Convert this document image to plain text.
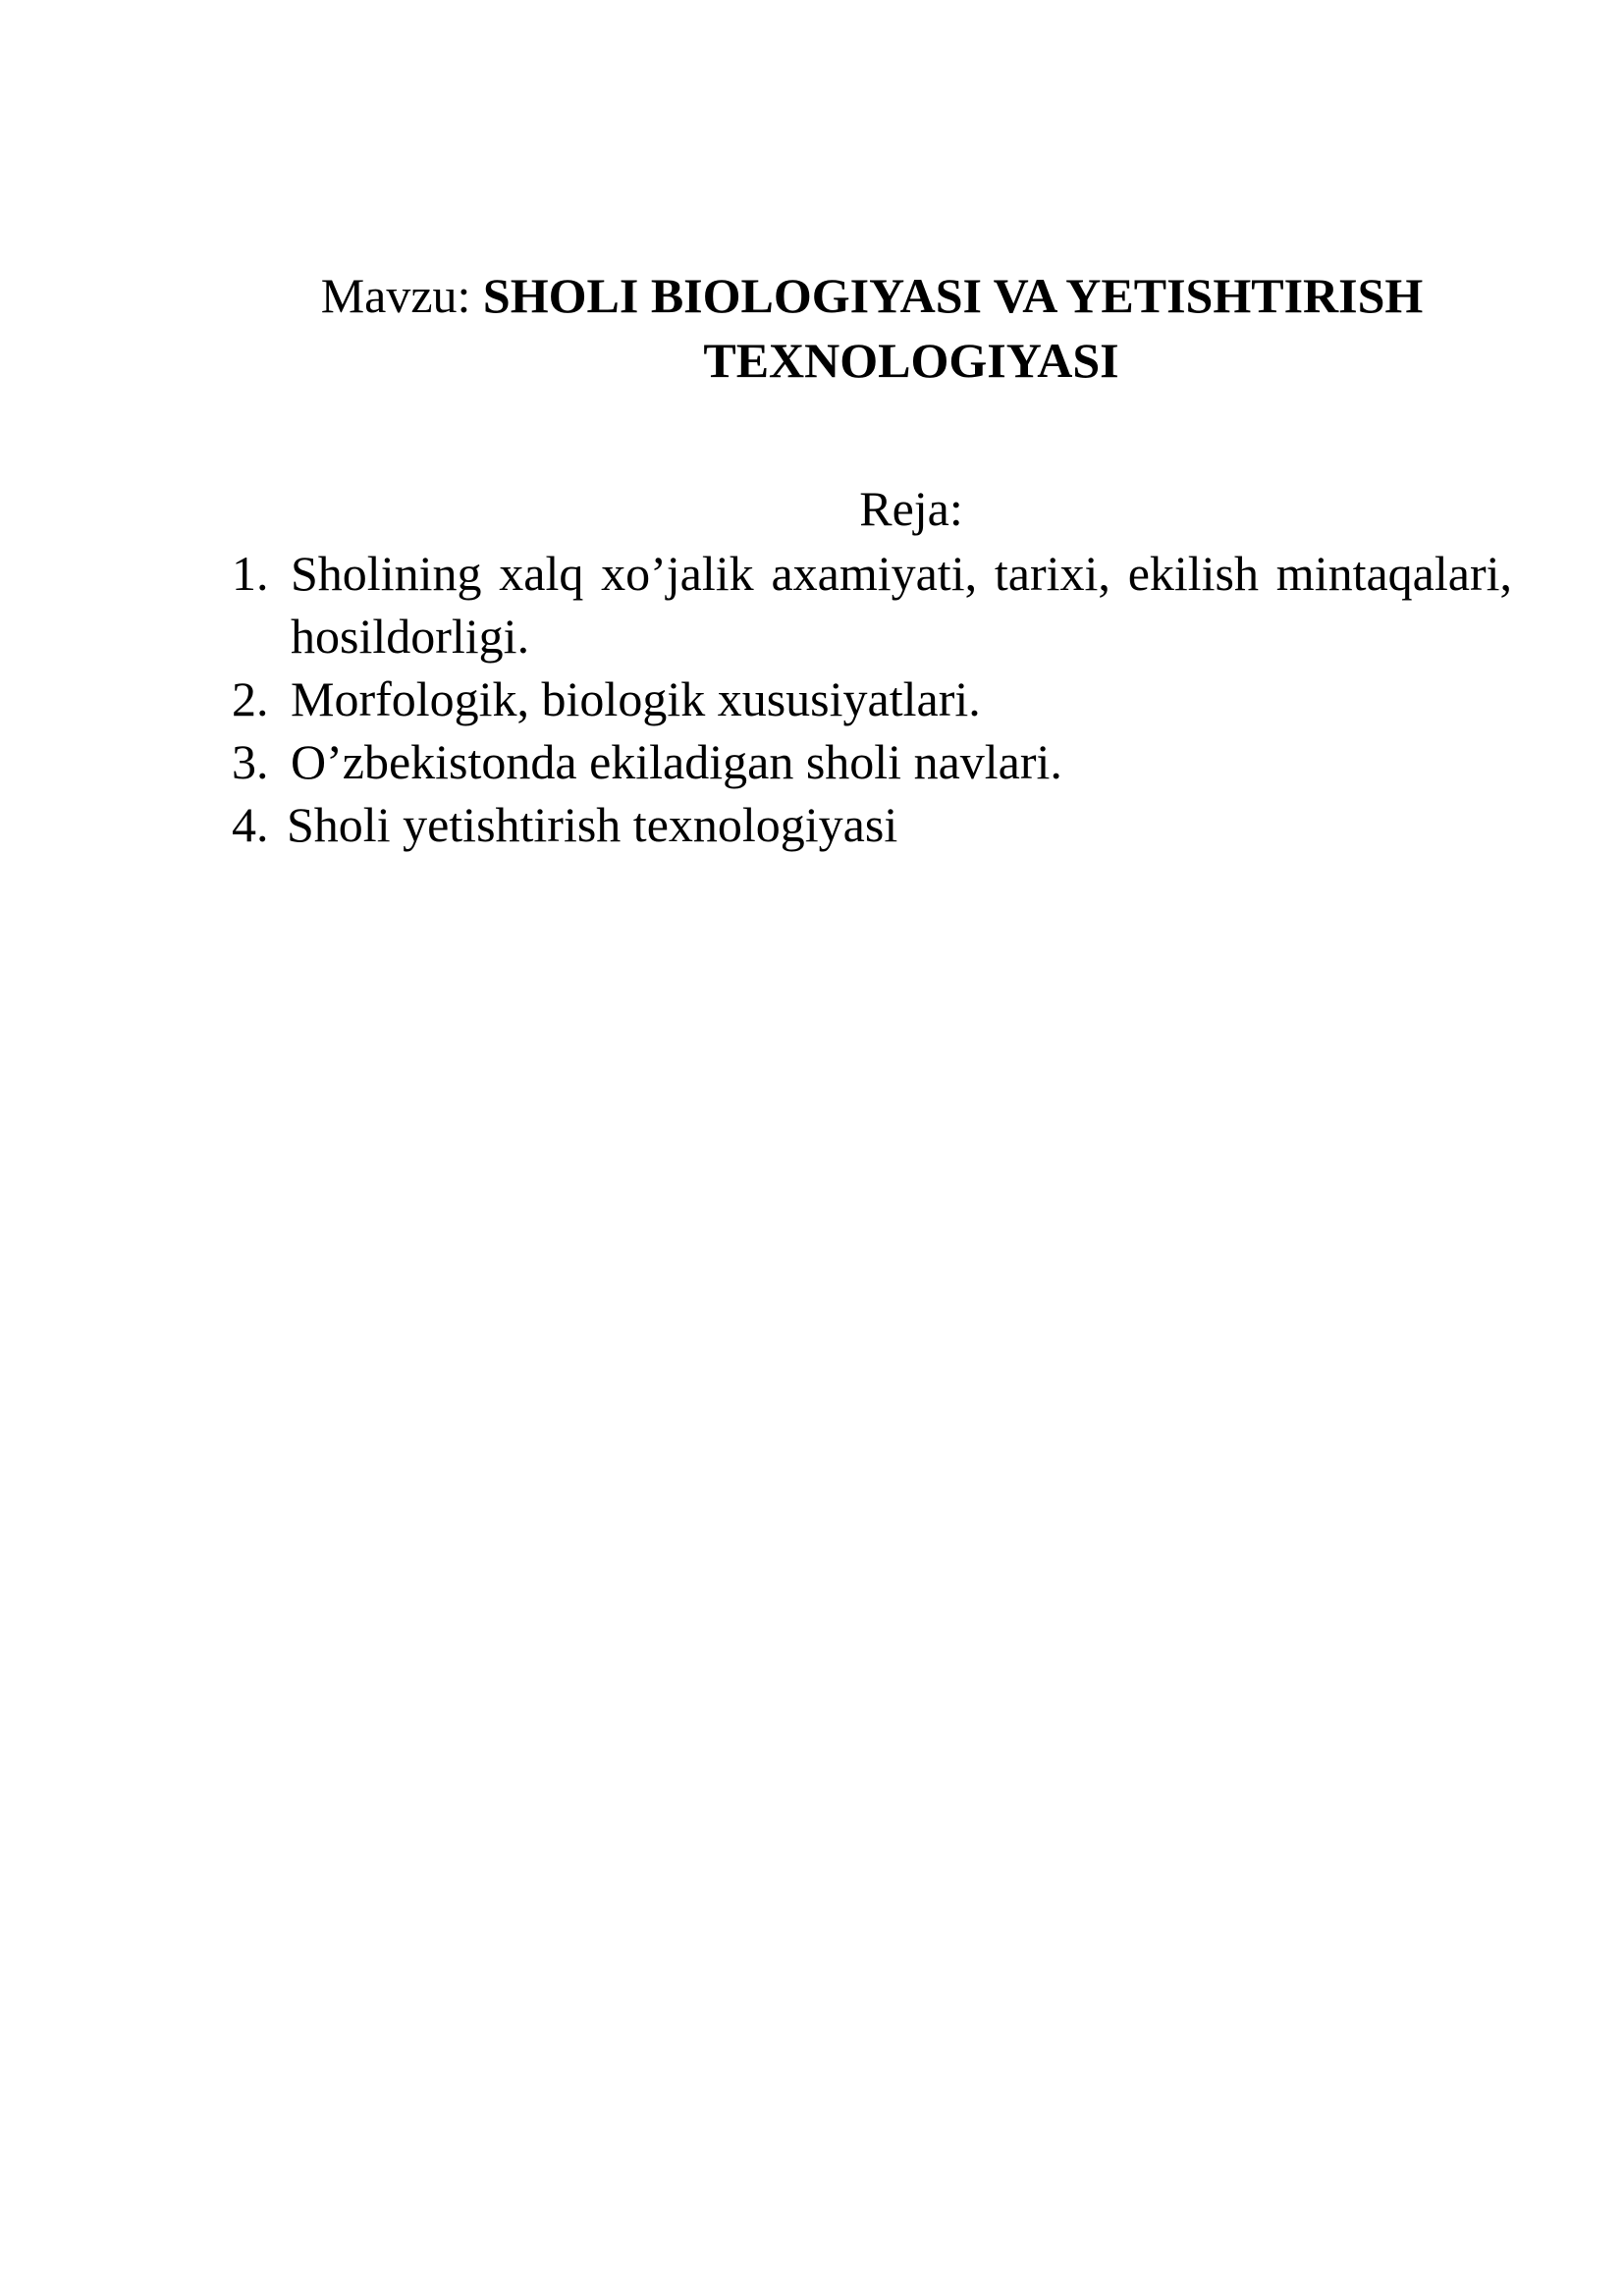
Mavzu: SHOLI BIOLOGIYASI VA YETISHTIRISH
TEXNOLOGIYASI

Reja:

1. Sholining xalq xo’jalik axamiyati, tarixi, ekilish mintaqalari, hosildorligi.
2. Morfologik, biologik xususiyatlari.
3. O’zbekistonda ekiladigan sholi navlari.
4. Sholi yetishtirish texnologiyasi
